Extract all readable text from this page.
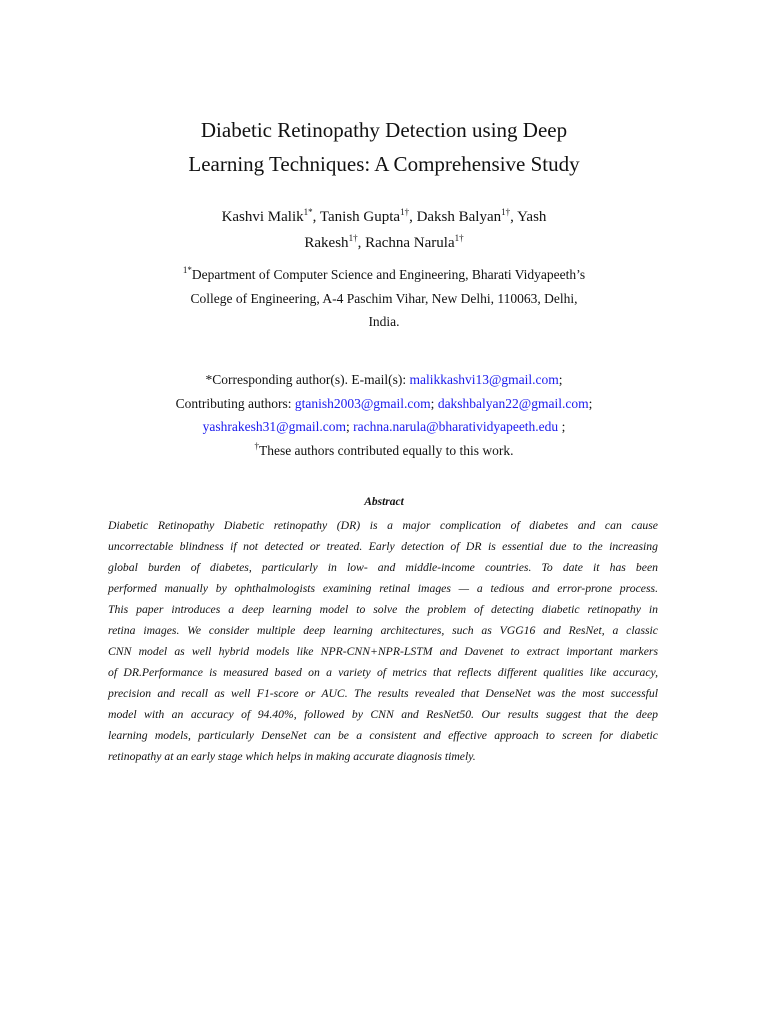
Diabetic Retinopathy Detection using Deep
Learning Techniques: A Comprehensive Study
Kashvi Malik$^{1*}$, Tanish Gupta$^{1\dagger}$, Daksh Balyan$^{1\dagger}$, Yash
Rakesh$^{1\dagger}$, Rachna Narula$^{1\dagger}$
$^{1*}$Department of Computer Science and Engineering, Bharati Vidyapeeth’s
College of Engineering, A-4 Paschim Vihar, New Delhi, 110063, Delhi,
India.
*Corresponding author(s). E-mail(s): malikkashvi13@gmail.com;
Contributing authors: gtanish2003@gmail.com; dakshbalyan22@gmail.com;
yashrakesh31@gmail.com; rachna.narula@bharatividyapeeth.edu ;
†These authors contributed equally to this work.
Abstract
Diabetic Retinopathy Diabetic retinopathy (DR) is a major complication of diabetes and can cause
uncorrectable blindness if not detected or treated. Early detection of DR is essential due to the increasing
global burden of diabetes, particularly in low- and middle-income countries. To date it has been
performed manually by ophthalmologists examining retinal images — a tedious and error-prone process.
This paper introduces a deep learning model to solve the problem of detecting diabetic retinopathy in
retina images. We consider multiple deep learning architectures, such as VGG16 and ResNet, a classic
CNN model as well hybrid models like NPR-CNN+NPR-LSTM and Davenet to extract important markers
of DR.Performance is measured based on a variety of metrics that reflects different qualities like accuracy,
precision and recall as well F1-score or AUC. The results revealed that DenseNet was the most successful
model with an accuracy of 94.40%, followed by CNN and ResNet50. Our results suggest that the deep
learning models, particularly DenseNet can be a consistent and effective approach to screen for diabetic
retinopathy at an early stage which helps in making accurate diagnosis timely.
